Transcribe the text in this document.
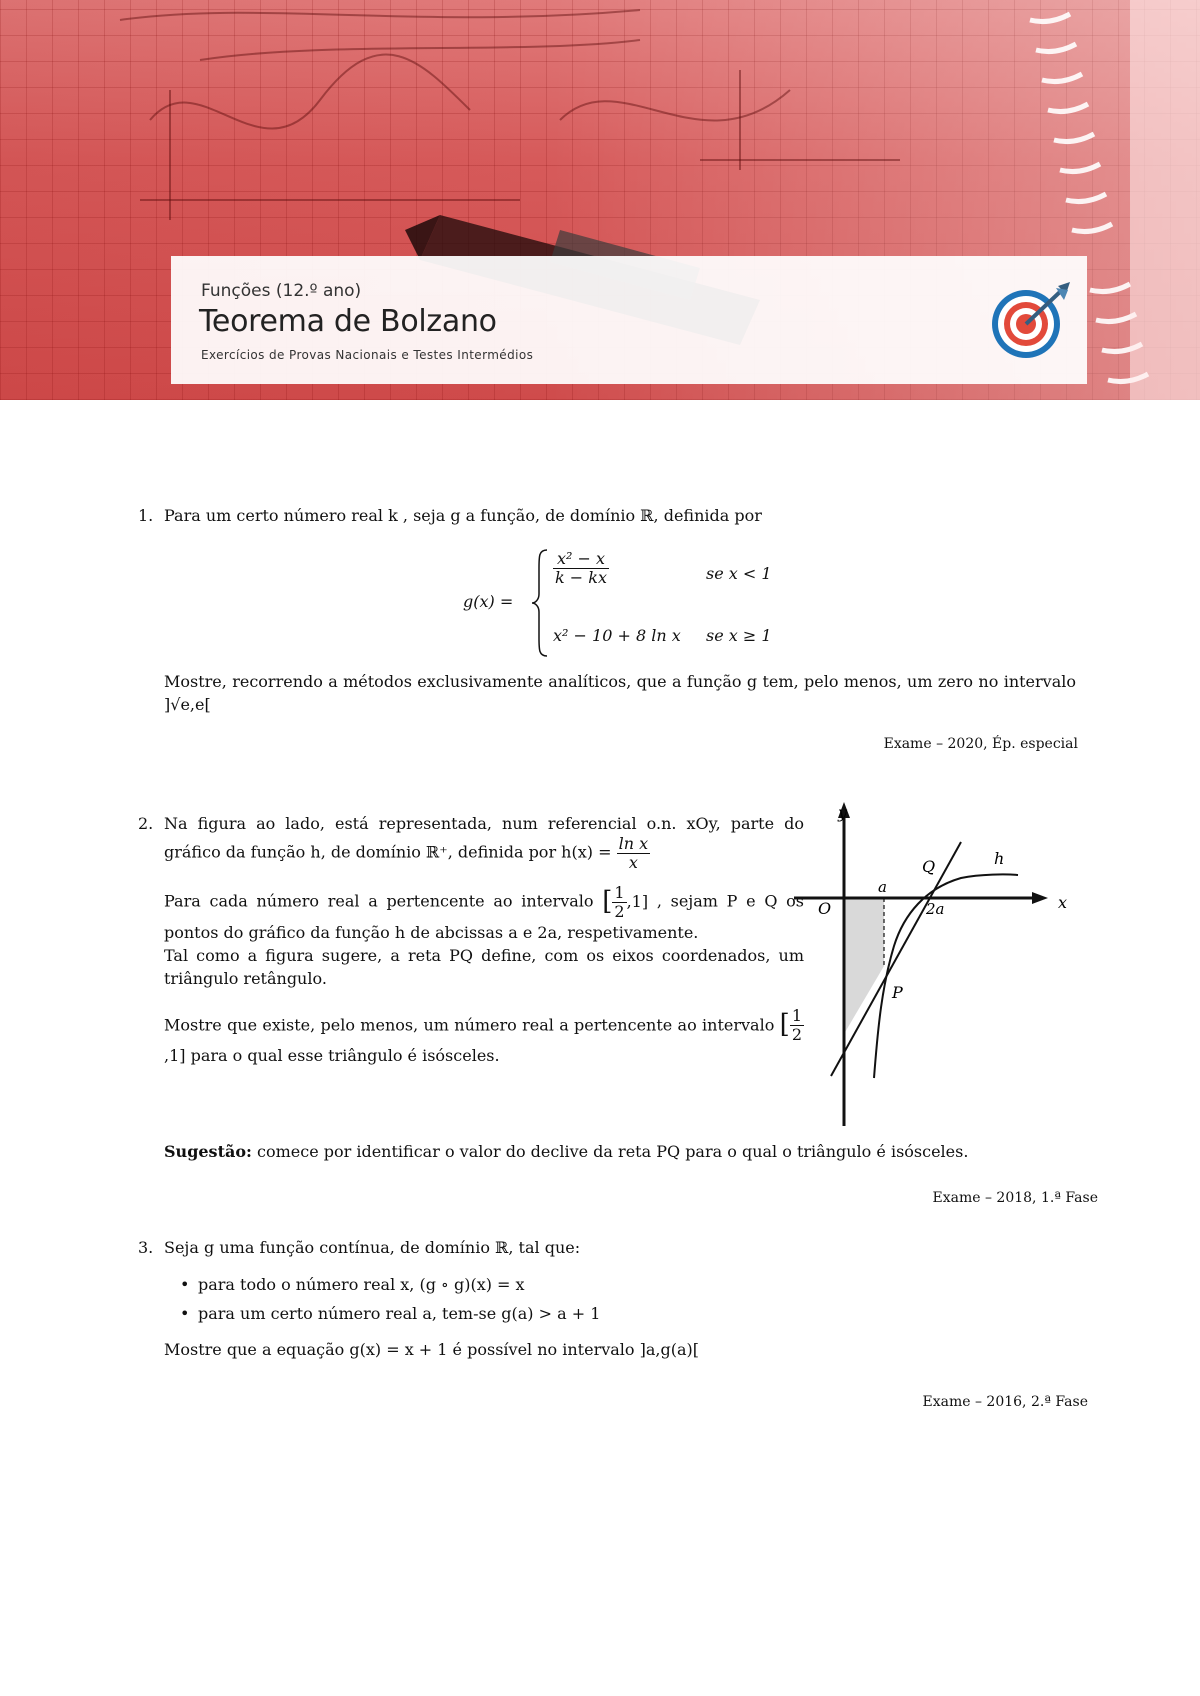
Funções (12.º ano)
Teorema de Bolzano
Exercícios de Provas Nacionais e Testes Intermédios
1. Para um certo número real k , seja g a função, de domínio ℝ, definida por
g(x) =
$\frac{\text{x² − x}}{k - kx}$	se x < 1
x² − 10 + 8 ln x se x ≥ 1
Mostre, recorrendo a métodos exclusivamente analíticos, que a função g tem, pelo menos, um zero no intervalo ]√e,e[
Exame – 2020, Ép. especial
2. Na figura ao lado, está representada, num referencial o.n. xOy, parte do gráfico da função h, de domínio ℝ⁺, definida por $h(x) = \frac{\text{ln x}}{x}$
Para cada número real a pertencente ao intervalo [ $\frac{1}{2} ,1$] , sejam P e Q os pontos do gráfico da função h de abcissas a e 2a, respetivamente.
Tal como a figura sugere, a reta PQ define, com os eixos coordenados, um triângulo retângulo.
Mostre que existe, pelo menos, um número real a pertencente ao intervalo [ $\frac{1}{2}$
,1] para o qual esse triângulo é isósceles.
y
x
O
a
2a
Q	h
P
Sugestão: comece por identificar o valor do declive da reta PQ para o qual o triângulo é isósceles.
Exame – 2018, 1.ª Fase
3. Seja g uma função contínua, de domínio ℝ, tal que:
• para todo o número real x, (g ∘ g)(x) = x
• para um certo número real a, tem-se g(a) > a + 1
Mostre que a equação g(x) = x + 1 é possível no intervalo ]a,g(a)[
Exame – 2016, 2.ª Fase
